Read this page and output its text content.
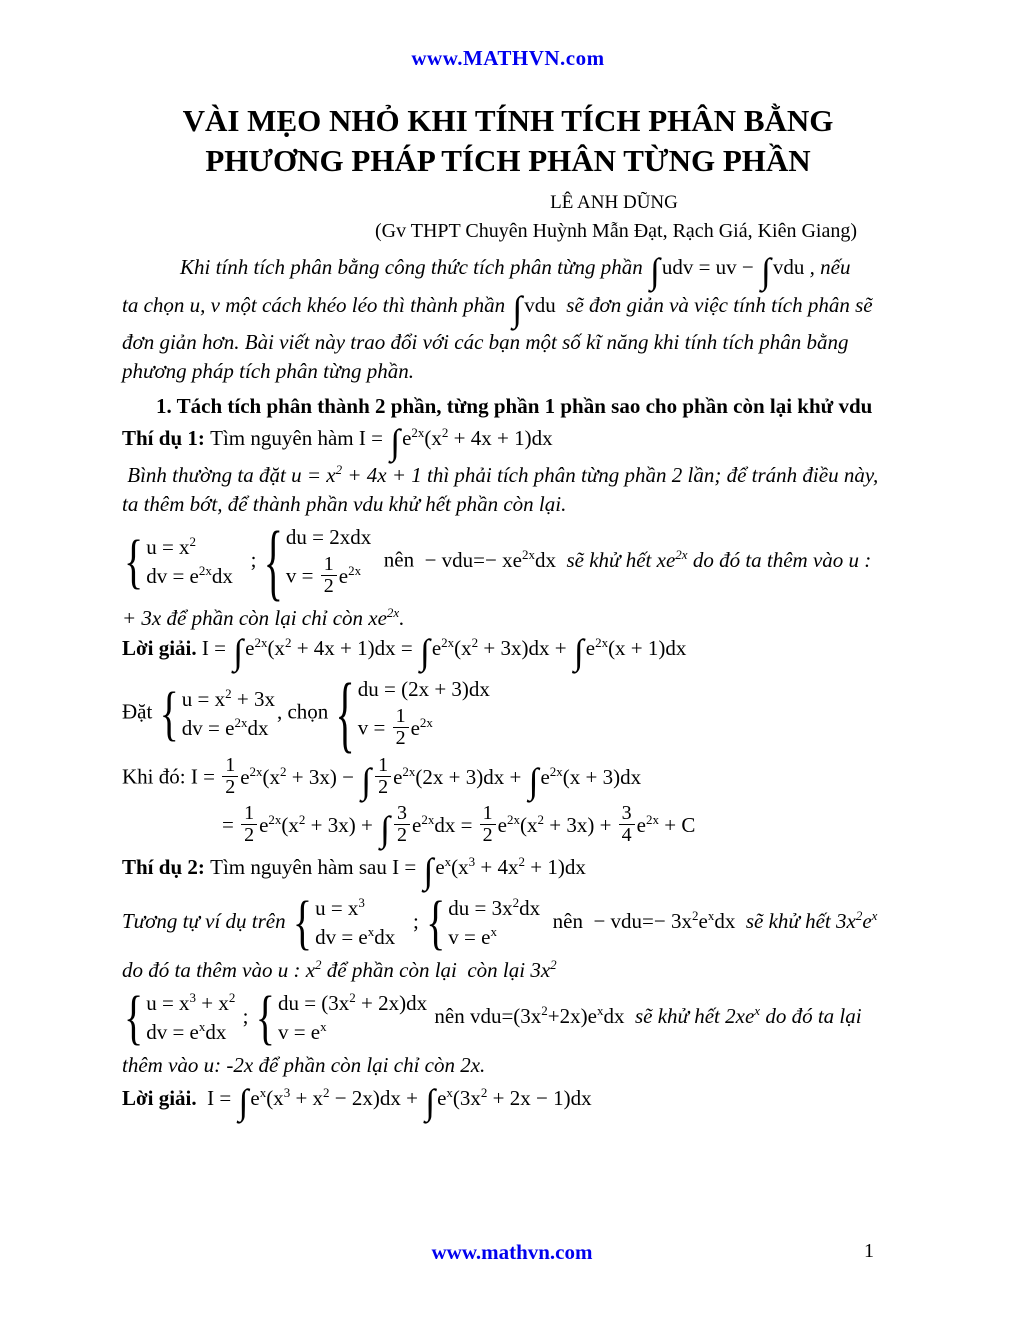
www.MATHVN.com
VÀI MẸO NHỎ KHI TÍNH TÍCH PHÂN BẰNG
PHƯƠNG PHÁP TÍCH PHÂN TỪNG PHẦN
LÊ ANH DŨNG
(Gv THPT Chuyên Huỳnh Mẫn Đạt, Rạch Giá, Kiên Giang)
Khi tính tích phân bằng công thức tích phân từng phần ∫udv = uv − ∫vdu , nếu
ta chọn u, v một cách khéo léo thì thành phần ∫vdu  sẽ đơn giản và việc tính tích phân sẽ
đơn giản hơn. Bài viết này trao đổi với các bạn một số kĩ năng khi tính tích phân bằng
phương pháp tích phân từng phần.
1. Tách tích phân thành 2 phần, từng phần 1 phần sao cho phần còn lại khử vdu
Thí dụ 1: Tìm nguyên hàm $I = \int e^{2x}(x^2 + 4x + 1)dx$
Bình thường ta đặt $u = x^2 + 4x + 1$ thì phải tích phân từng phần 2 lần; để tránh điều này,
ta thêm bớt, để thành phần vdu khử hết phần còn lại.
{ $u = x^2$
dv = $e^{2x}dx$
; { du = 2xdx
$v = \frac{1}{2} e^{2x}$ nên  − $vdu=- xe^{2x}dx$  sẽ khử hết $xe^{2x}$ do đó ta thêm vào u :
+ 3x để phần còn lại chỉ còn $xe^{2x}$.
Lời giải. $I = \int e^{2x}(x^2 + 4x + 1)dx = \int e^{2x}(x^2 + 3x)dx + \int e^{2x}(x + 1)dx$
Đặt { $u = x^2 + 3x$
dv = $e^{2x}dx$
, chọn { du = (2x + 3)dx
$v = \frac{1}{2} e^{2x}$
Khi đó: $I = \frac{1}{2} e^{2x}(x^2 + 3x)$ − ∫ $\frac{1}{2} e^{2x}(2x + 3)dx + \int e^{2x}(x + 3)dx$
= $\frac{1}{2} e^{2x}(x^2 + 3x)$ + ∫ $\frac{3}{2} e^{2x}dx = \frac{1}{2} e^{2x}(x^2 + 3x) + \frac{3}{4} e^{2x} + C$
Thí dụ 2: Tìm nguyên hàm sau $I = \int e^x(x^3 + 4x^2 + 1)dx$
Tương tự ví dụ trên { $u = x^3$
dv = $e^xdx$
; { du = $3x^2dx$
$v = e^x$	nên  − $vdu=- 3x^2e^xdx$  sẽ khử hết $3x^2e^x$
do đó ta thêm vào u : $x^2$ để phần còn lại  còn lại $3x^2$
{ $u = x^3 + x^2$
dv = $e^xdx$
; { du = $(3x^2 + 2x)dx$
$v = e^x$	nên $vdu=(3x^2+2x)e^xdx$  sẽ khử hết $2xe^x$ do đó ta lại
thêm vào u: -2x để phần còn lại chỉ còn 2x.
Lời giải.  $I = \int e^x(x^3 + x^2 - 2x)dx + \int e^x(3x^2 + 2x - 1)dx$
www.mathvn.com	1
